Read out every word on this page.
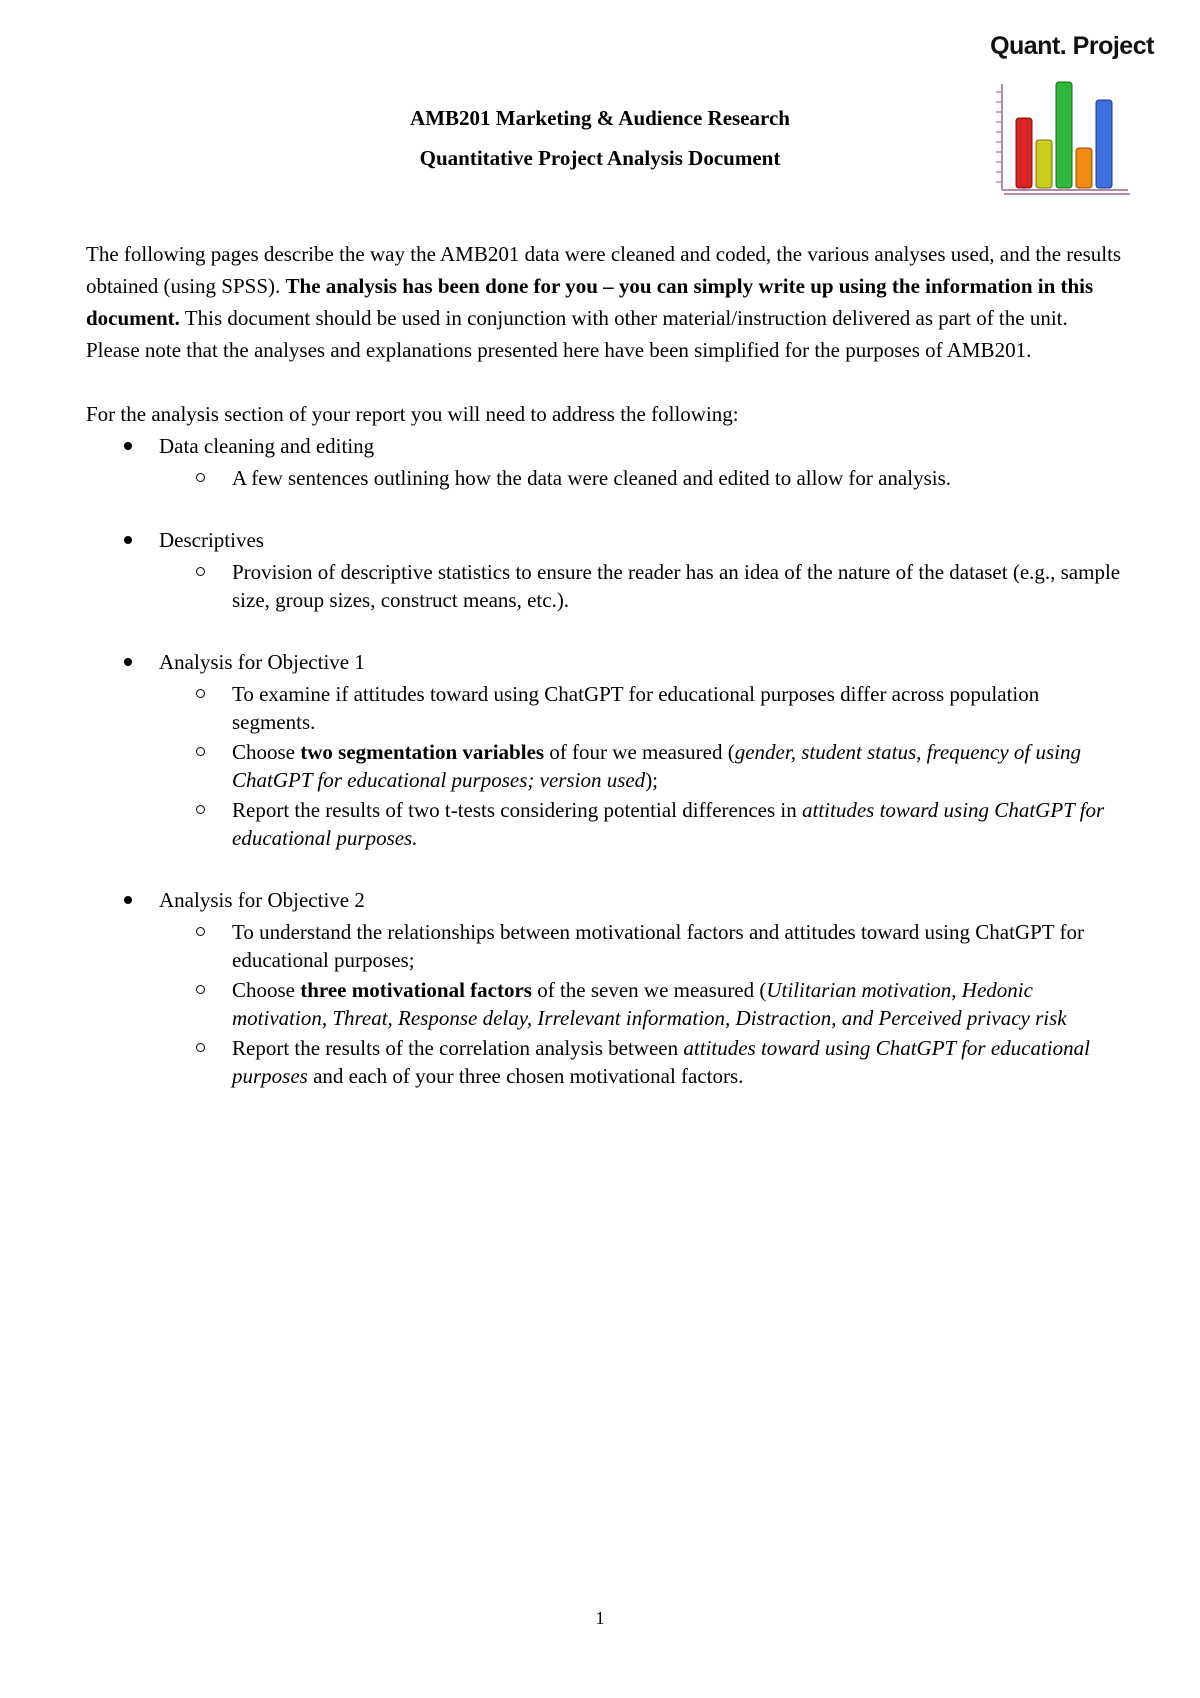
Quant. Project
AMB201 Marketing & Audience Research
Quantitative Project Analysis Document

The following pages describe the way the AMB201 data were cleaned and coded, the various analyses used, and the results obtained (using SPSS). The analysis has been done for you – you can simply write up using the information in this document. This document should be used in conjunction with other material/instruction delivered as part of the unit. Please note that the analyses and explanations presented here have been simplified for the purposes of AMB201.

For the analysis section of your report you will need to address the following:

Data cleaning and editing
A few sentences outlining how the data were cleaned and edited to allow for analysis.
Descriptives
Provision of descriptive statistics to ensure the reader has an idea of the nature of the dataset (e.g., sample size, group sizes, construct means, etc.).
Analysis for Objective 1
To examine if attitudes toward using ChatGPT for educational purposes differ across population segments.
Choose two segmentation variables of four we measured (gender, student status, frequency of using ChatGPT for educational purposes; version used);
Report the results of two t-tests considering potential differences in attitudes toward using ChatGPT for educational purposes.
Analysis for Objective 2
To understand the relationships between motivational factors and attitudes toward using ChatGPT for educational purposes;
Choose three motivational factors of the seven we measured (Utilitarian motivation, Hedonic motivation, Threat, Response delay, Irrelevant information, Distraction, and Perceived privacy risk
Report the results of the correlation analysis between attitudes toward using ChatGPT for educational purposes and each of your three chosen motivational factors.
1
